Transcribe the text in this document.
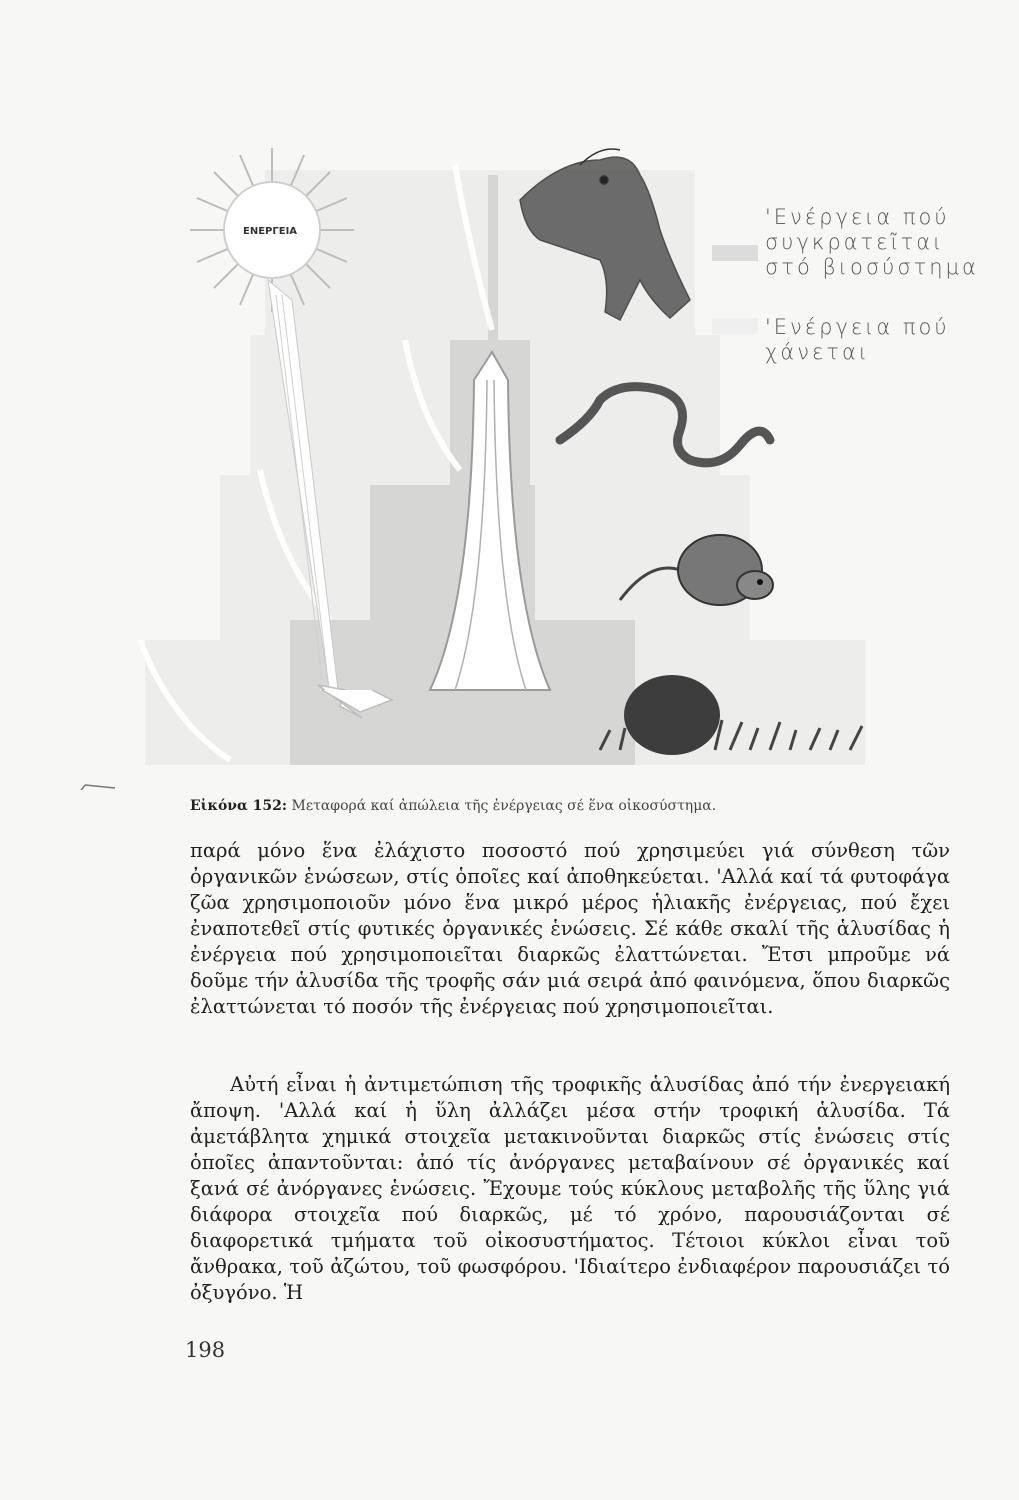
ΕΝΕΡΓΕΙΑ
'Ενέργεια πού
συγκρατεῖται
στό βιοσύστημα
'Ενέργεια πού
χάνεται
Εἰκόνα 152: Μεταφορά καί ἀπώλεια τῆς ἐνέργειας σέ ἕνα οἰκοσύστημα.

παρά μόνο ἕνα ἐλάχιστο ποσοστό πού χρησιμεύει γιά σύνθεση τῶν ὀργανικῶν ἑνώσεων, στίς ὁποῖες καί ἀποθηκεύεται. 'Αλλά καί τά φυτοφάγα ζῶα χρησιμοποιοῦν μόνο ἕνα μικρό μέρος ἡλιακῆς ἐνέργειας, πού ἔχει ἐναποτεθεῖ στίς φυτικές ὀργανικές ἑνώσεις. Σέ κάθε σκαλί τῆς ἁλυσίδας ἡ ἐνέργεια πού χρησιμοποιεῖται διαρκῶς ἐλαττώνεται. Ἔτσι μπροῦμε νά δοῦμε τήν ἁλυσίδα τῆς τροφῆς σάν μιά σειρά ἀπό φαινόμενα, ὅπου διαρκῶς ἐλαττώνεται τό ποσόν τῆς ἐνέργειας πού χρησιμοποιεῖται.

Αὐτή εἶναι ἡ ἀντιμετώπιση τῆς τροφικῆς ἁλυσίδας ἀπό τήν ἐνεργειακή ἄποψη. 'Αλλά καί ἡ ὕλη ἀλλάζει μέσα στήν τροφική ἁλυσίδα. Τά ἀμετάβλητα χημικά στοιχεῖα μετακινοῦνται διαρκῶς στίς ἑνώσεις στίς ὁποῖες ἀπαντοῦνται: ἀπό τίς ἀνόργανες μεταβαίνουν σέ ὀργανικές καί ξανά σέ ἀνόργανες ἑνώσεις. Ἔχουμε τούς κύκλους μεταβολῆς τῆς ὕλης γιά διάφορα στοιχεῖα πού διαρκῶς, μέ τό χρόνο, παρουσιάζονται σέ διαφορετικά τμήματα τοῦ οἰκοσυστήματος. Τέτοιοι κύκλοι εἶναι τοῦ ἄνθρακα, τοῦ ἀζώτου, τοῦ φωσφόρου. 'Ιδιαίτερο ἐνδιαφέρον παρουσιάζει τό ὀξυγόνο. Ἡ

198
